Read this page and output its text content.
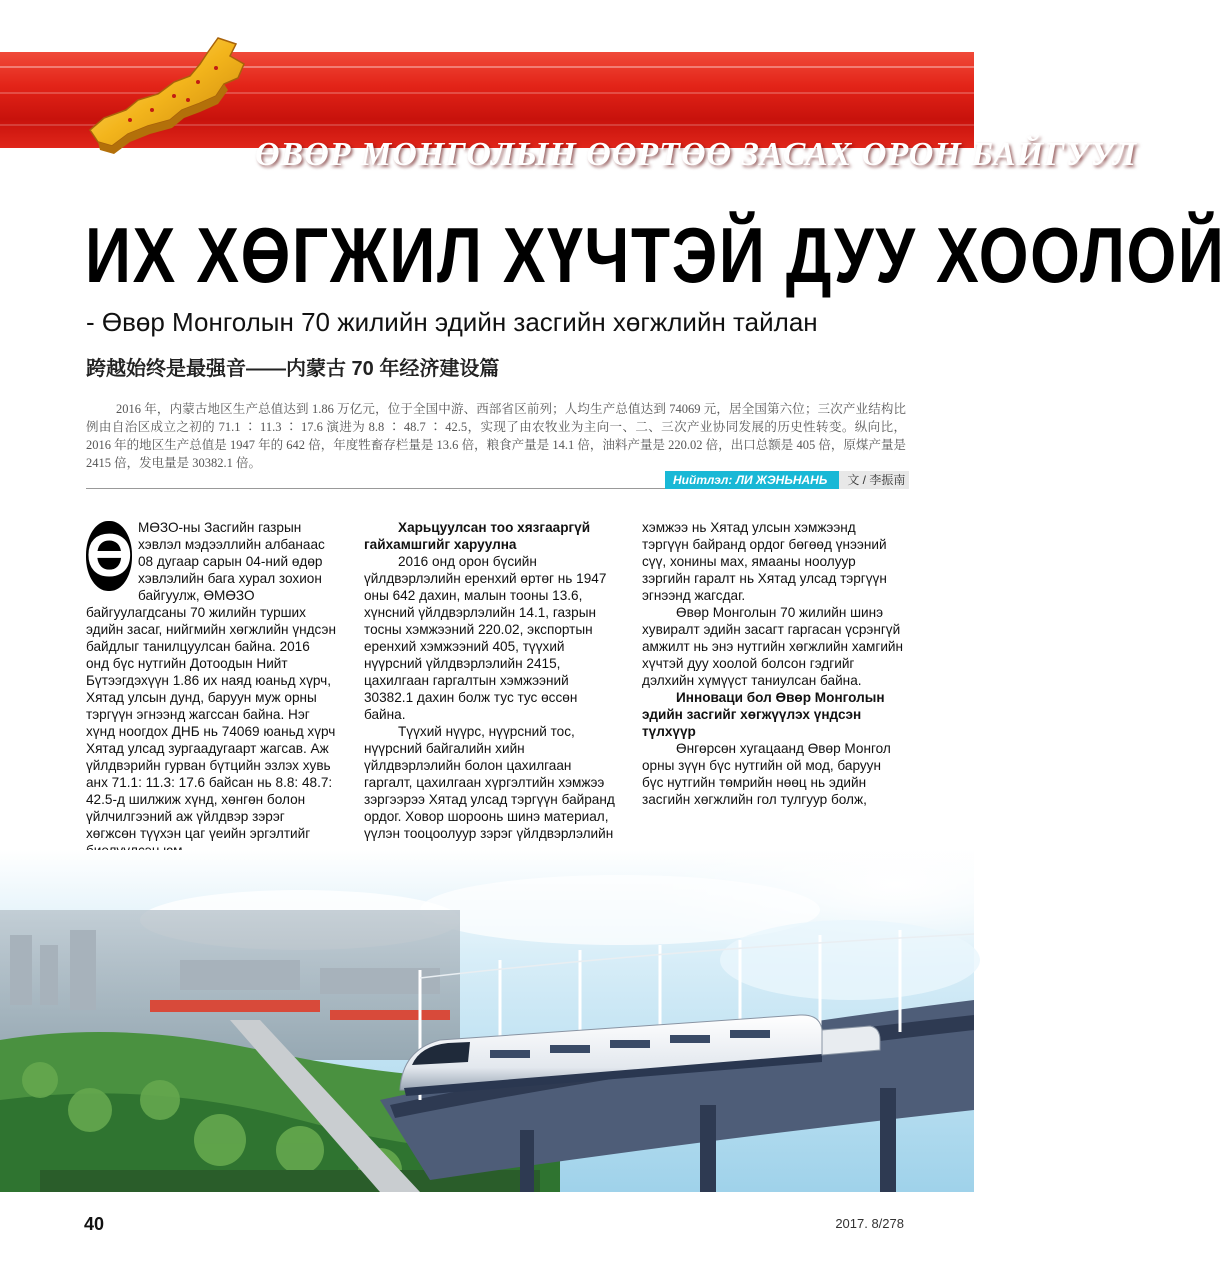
ӨВӨР МОНГОЛЫН ӨӨРТӨӨ ЗАСАХ ОРОН БАЙГУУЛ
ИХ ХӨГЖИЛ ХҮЧТЭЙ ДУУ ХООЛОЙ
- Өвөр Монголын 70 жилийн эдийн засгийн хөгжлийн тайлан
跨越始终是最强音——内蒙古 70 年经济建设篇
2016 年，内蒙古地区生产总值达到 1.86 万亿元，位于全国中游、西部省区前列；人均生产总值达到 74069 元，居全国第六位；三次产业结构比例由自治区成立之初的 71.1 ∶ 11.3 ∶ 17.6 演进为 8.8 ∶ 48.7 ∶ 42.5，实现了由农牧业为主向一、二、三次产业协同发展的历史性转变。纵向比，2016 年的地区生产总值是 1947 年的 642 倍，年度牲畜存栏量是 13.6 倍，粮食产量是 14.1 倍，油料产量是 220.02 倍，出口总额是 405 倍，原煤产量是 2415 倍，发电量是 30382.1 倍。
Нийтлэл: ЛИ ЖЭНЬНАНЬ	文 / 李振南
Ө МӨЗО-ны Засгийн газрын хэвлэл мэдээллийн албанаас 08 дугаар сарын 04-ний өдөр хэвлэлийн бага хурал зохион байгуулж, ӨМӨЗО байгуулагдсаны 70 жилийн турших эдийн засаг, нийгмийн хөгжлийн үндсэн байдлыг танилцуулсан байна. 2016 онд бүс нутгийн Дотоодын Нийт Бүтээгдэхүүн 1.86 их наяд юаньд хүрч, Хятад улсын дунд, баруун муж орны тэргүүн эгнээнд жагссан байна. Нэг хүнд ноогдох ДНБ нь 74069 юаньд хүрч Хятад улсад зургаадугаарт жагсав. Аж үйлдвэрийн гурван бүтцийн эзлэх хувь анх 71.1: 11.3: 17.6 байсан нь 8.8: 48.7: 42.5-д шилжиж хүнд, хөнгөн болон үйлчилгээний аж үйлдвэр зэрэг хөгжсөн түүхэн цаг үеийн эргэлтийг

Харьцуулсан тоо хязгааргүй гайхамшгийг харуулна

2016 онд орон бүсийн үйлдвэрлэлийн еренхий өртөг нь 1947 оны 642 дахин, малын тооны 13.6, хүнсний үйлдвэрлэлийн 14.1, газрын тосны хэмжээний 220.02, экспортын еренхий хэмжээний 405, түүхий нүүрсний үйлдвэрлэлийн 2415, цахилгаан гаргалтын хэмжээний 30382.1 дахин болж тус тус өссөн байна.

Түүхий нүүрс, нүүрсний тос, нүүрсний байгалийн хийн үйлдвэрлэлийн болон цахилгаан гаргалт, цахилгаан хүргэлтийн хэмжээ зэргээрээ Хятад улсад тэргүүн байранд ордог. Ховор шороонь шинэ материал, үүлэн тооцоолуур зэрэг үйлдвэрлэлийн

хэмжээ нь Хятад улсын хэмжээнд тэргүүн байранд ордог бөгөөд үнээний сүү, хонины мах, ямааны ноолуур зэргийн гаралт нь Хятад улсад тэргүүн эгнээнд жагсдаг.

Өвөр Монголын 70 жилийн шинэ хувиралт эдийн засагт гаргасан үсрэнгүй амжилт нь энэ нутгийн хөгжлийн хамгийн хүчтэй дуу хоолой болсон гэдгийг дэлхийн хүмүүст таниулсан байна.

Инноваци бол Өвөр Монголын эдийн засгийг хөгжүүлэх үндсэн түлхүүр

Өнгөрсөн хугацаанд Өвөр Монгол орны зүүн бүс нутгийн ой мод, баруун бүс нутгийн төмрийн нөөц нь эдийн засгийн хөгжлийн гол тулгуур болж,

40	2017. 8/278
